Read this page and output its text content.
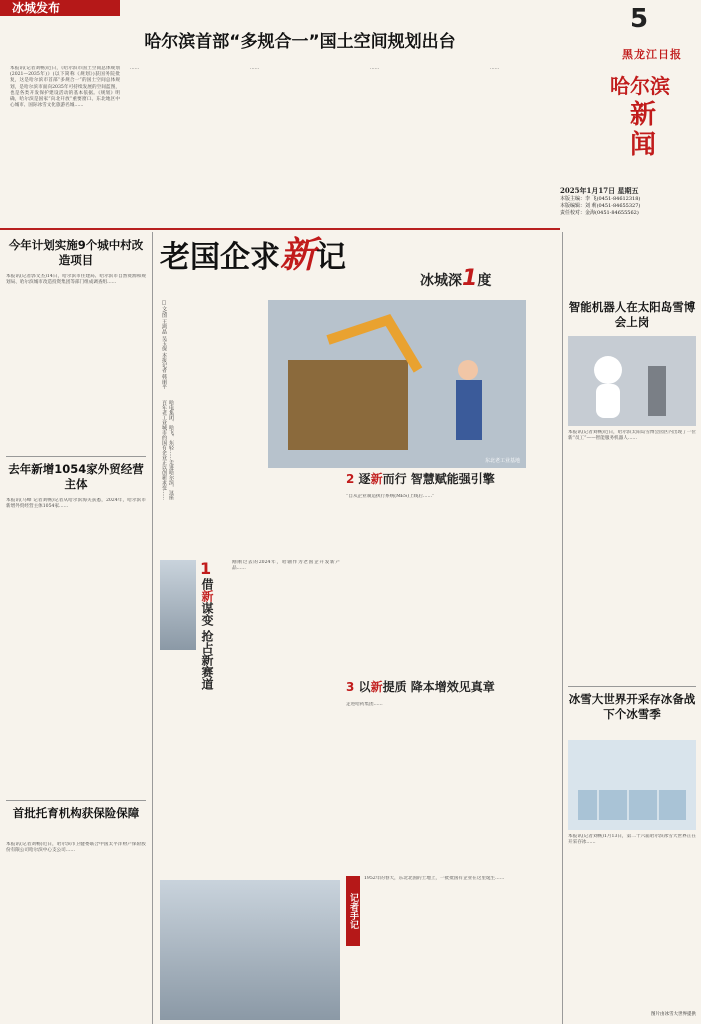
冰城发布
哈尔滨首部“多规合一”国土空间规划出台
本报讯(记者刘畅)近日，《哈尔滨市国土空间总体规划(2021—2035年)》(以下简称《规划》)获国务院批复，这是哈尔滨市首部“多规合一”的国土空间总体规划，是哈尔滨市面向2035年可持续发展的空间蓝图，也是各类开发保护建设活动的基本依据。《规划》明确，哈尔滨是国家“向北开放”重要窗口、东北地区中心城市、国际冰雪文化旅游名城……
……	……	……	……
5
黑龙江日报
哈尔滨
新闻
2025年1月17日 星期五
本版主编：李 飞(0451-84612318)
本版编辑：刘 莉(0451-84655327)
责任校对：金海(0451-84655562)
今年计划实施9个城中村改造项目
本报讯(记者郭文杰)14日，哈尔滨市住建局、哈尔滨市自然资源和规划局、哈尔滨城市改造投资集团等部门组成调查组……
去年新增1054家外贸经营主体
本报讯(马峰 记者刘畅)记者从哈尔滨海关获悉，2024年，哈尔滨市新增外贸经营主体1054家……
首批托育机构获保险保障
本报讯(记者刘畅)近日，哈尔滨市卫健委联合中国太平洋财产保险股份有限公司哈尔滨中心支公司……
老国企求新记
冰城深1度
东北老工业基地
□文/图 王鸿晶 吴玉保 本报记者 韩丽平
哈电集团、哈飞、东轻……走进哈尔滨，这座百年老工业城市的国有企业正以创新求变……
1
借新谋变 抢占新赛道
刚刚过去的2024年，哈轴作为老国企开发新产品……
2 逐新而行 智慧赋能强引擎
“自从企业制造执行系统(MES)上线后……”
3 以新提质 降本增效见真章
走进哈药集团……
记者手记
1952年的春天，东北北国的土地上，一批批国有企业在这里诞生……
智能机器人在太阳岛雪博会上岗
本报讯(记者刘畅)近日，哈尔滨太阳岛雪博会园区内出现了一位新“员工”——智能服务机器人……
冰雪大世界开采存冰备战下个冰雪季
本报讯(记者刘畅)1月13日，第二十六届哈尔滨冰雪大世界正在开采存冰……
图片由冰雪大世界提供
